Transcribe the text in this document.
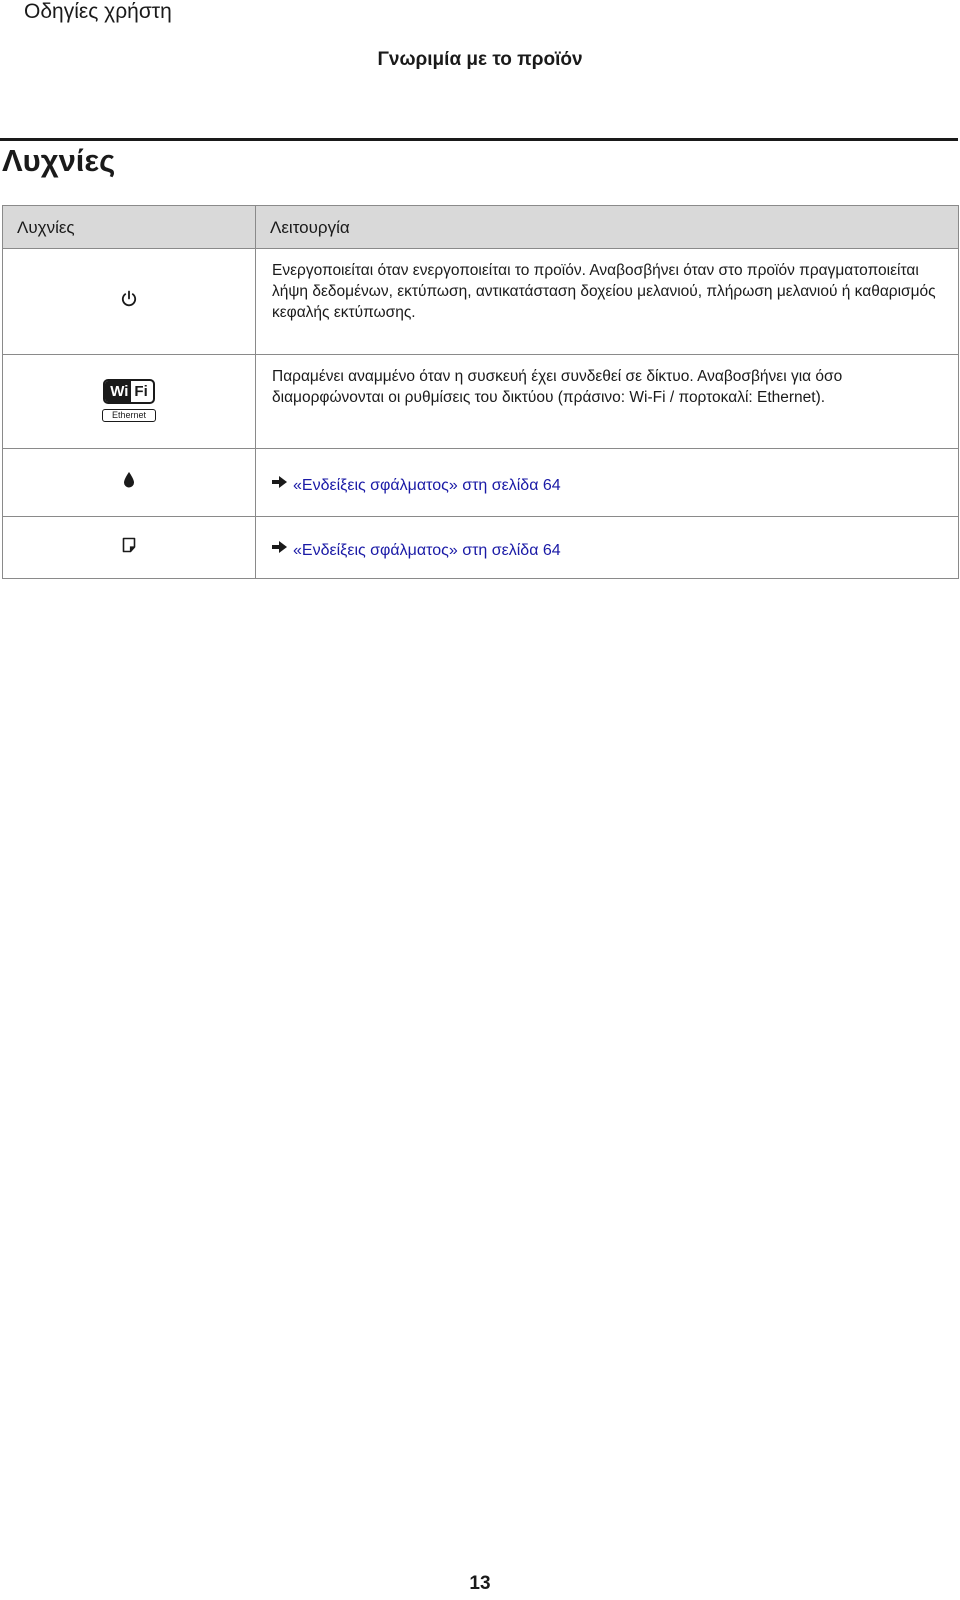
Οδηγίες χρήστη
Γνωριμία με το προϊόν
Λυχνίες
Λυχνίες	Λειτουργία
	Ενεργοποιείται όταν ενεργοποιείται το προϊόν. Αναβοσβήνει όταν στο προϊόν πραγματοποιείται λήψη δεδομένων, εκτύπωση, αντικατάσταση δοχείου μελανιού, πλήρωση μελανιού ή καθαρισμός κεφαλής εκτύπωσης.

Wi Fi
Ethernet	Παραμένει αναμμένο όταν η συσκευή έχει συνδεθεί σε δίκτυο. Αναβοσβήνει για όσο διαμορφώνονται οι ρυθμίσεις του δικτύου (πράσινο: Wi-Fi / πορτοκαλί: Ethernet).
	«Ενδείξεις σφάλματος» στη σελίδα 64
	«Ενδείξεις σφάλματος» στη σελίδα 64
13
